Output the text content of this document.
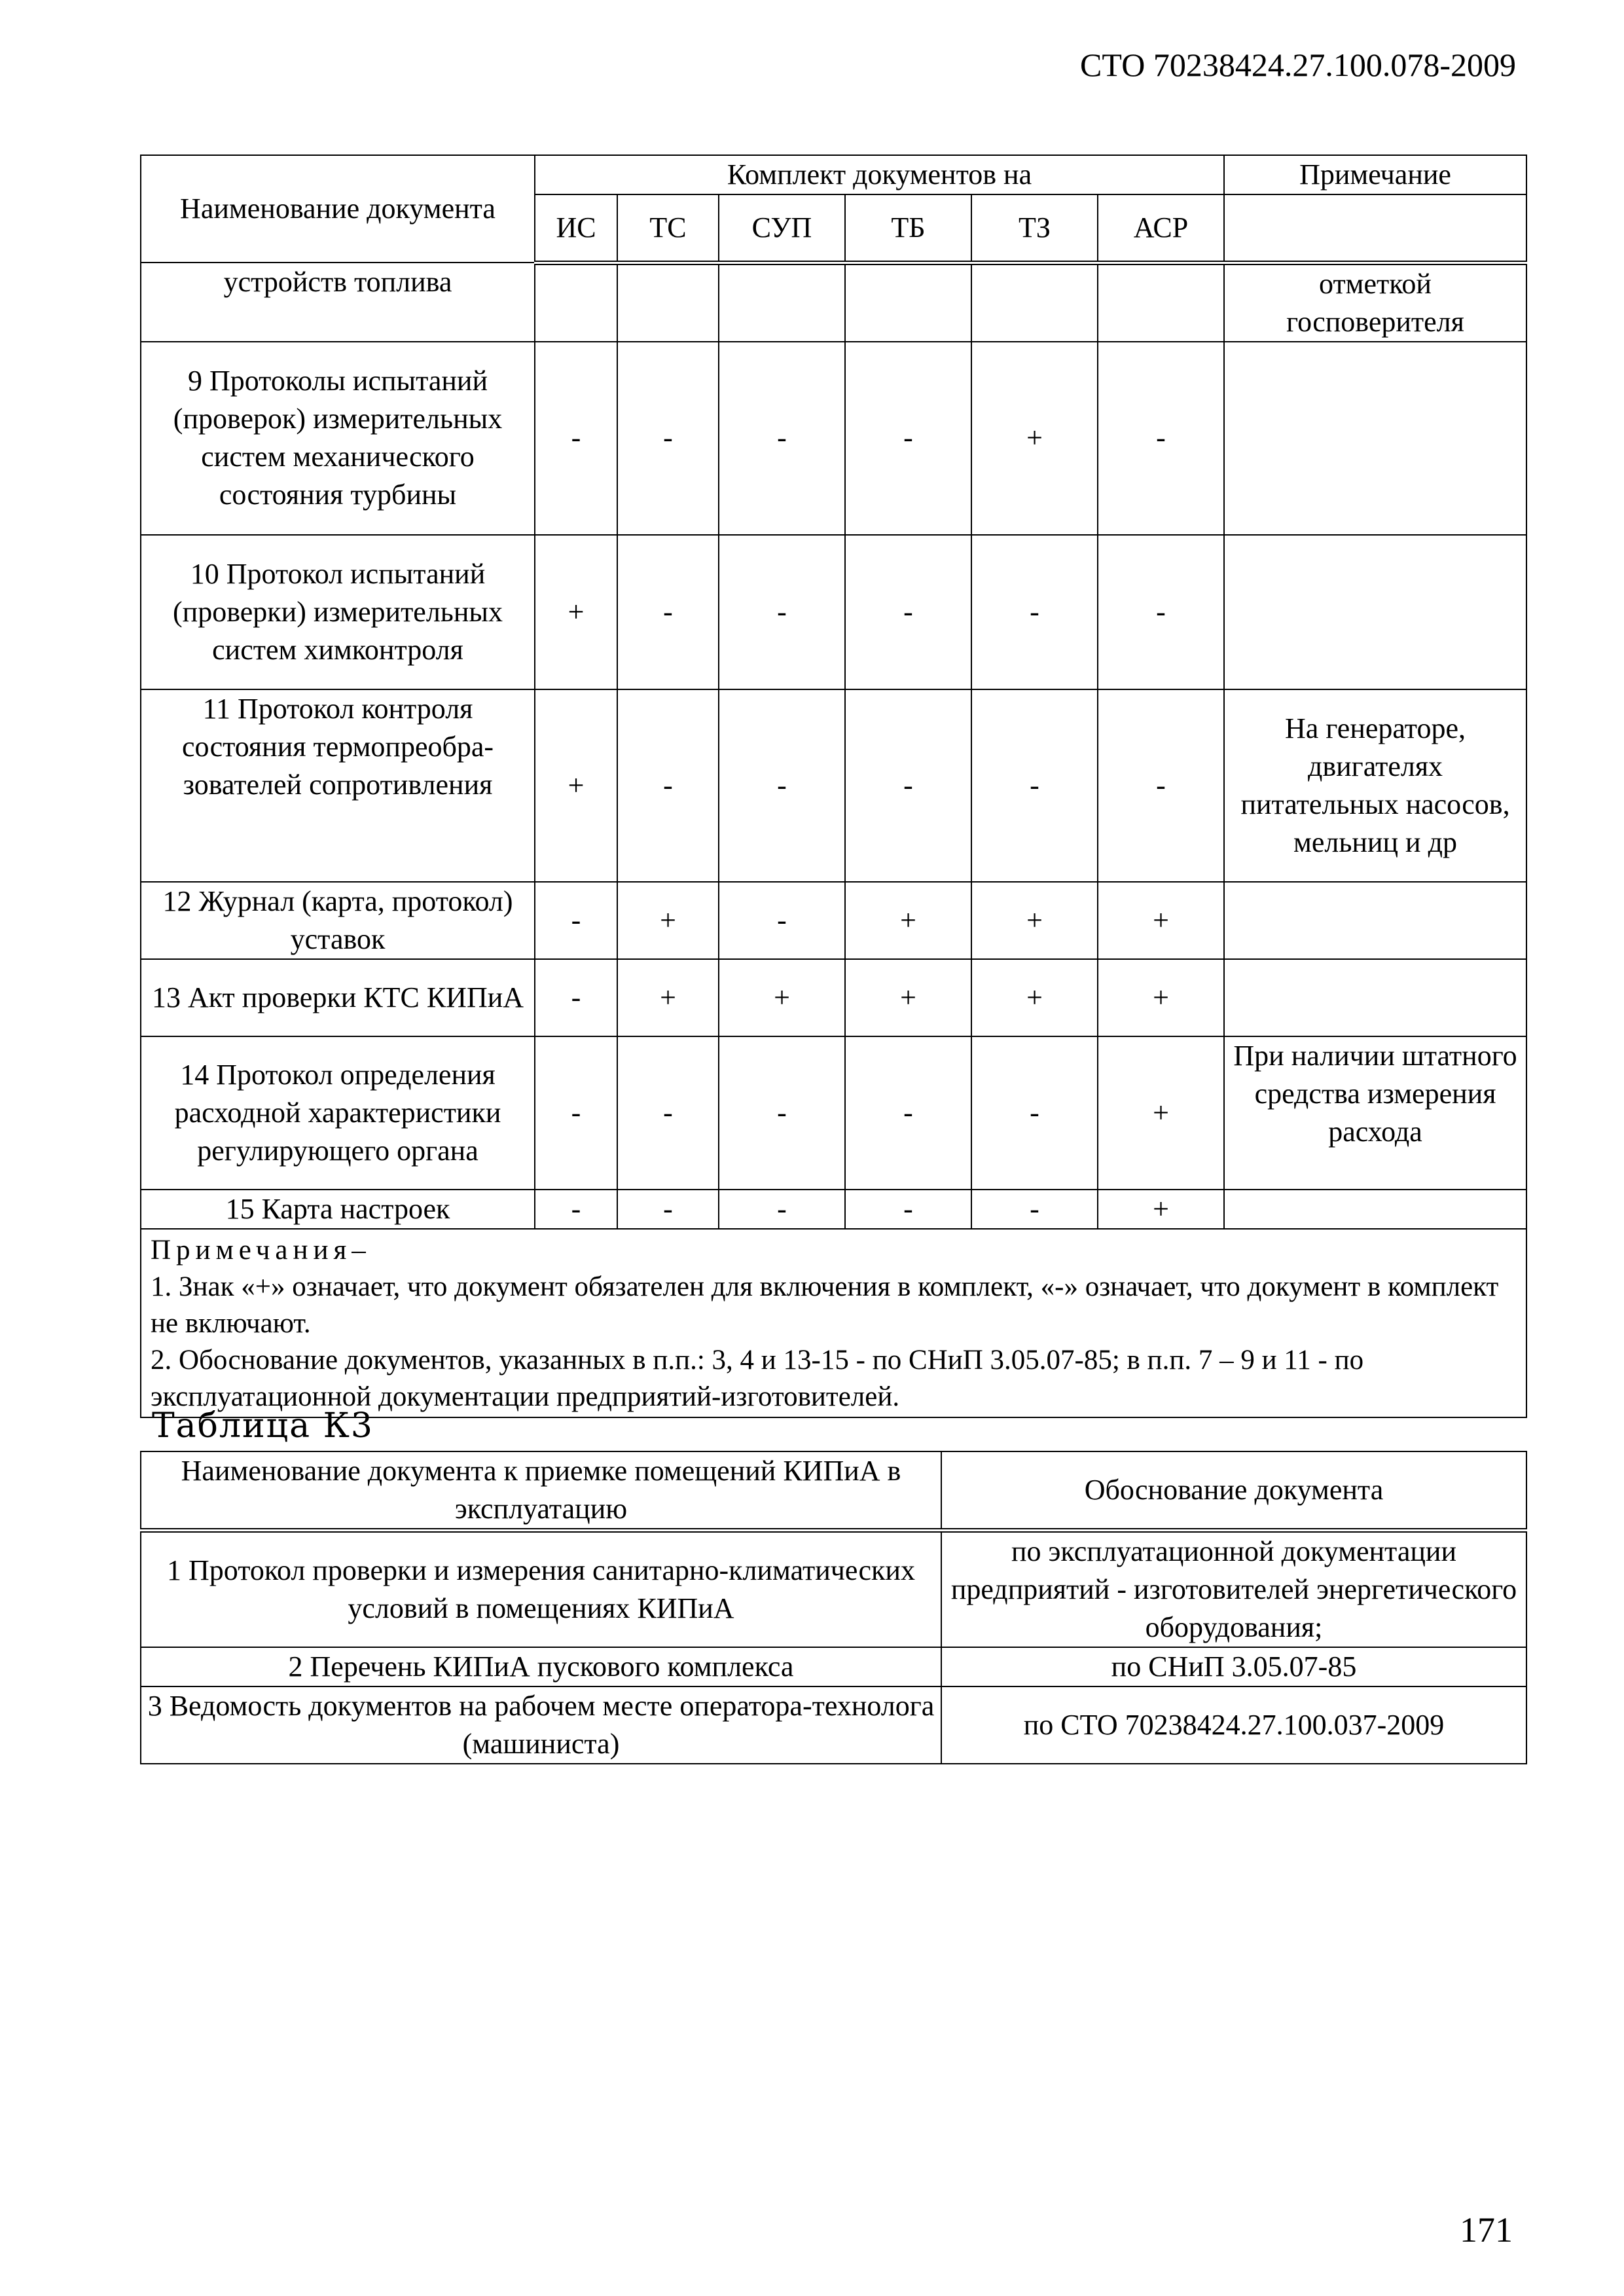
СТО 70238424.27.100.078-2009
Наименование документа	Комплект документов на						Примечание
	ИС	ТС	СУП	ТБ	ТЗ	АСР	
устройств топлива							отметкой госповерителя
9 Протоколы испытаний (проверок) измерительных систем механического состояния турбины	-	-	-	-	+	-	
10 Протокол испытаний (проверки) измерительных систем химконтроля	+	-	-	-	-	-	
11 Протокол контроля состояния термопреобра-зователей сопротивления	+	-	-	-	-	-	На генераторе, двигателях питательных насосов, мельниц и др
12 Журнал (карта, протокол) уставок	-	+	-	+	+	+	
13 Акт проверки КТС КИПиА	-	+	+	+	+	+	
14 Протокол определения расходной характеристики регулирующего органа	-	-	-	-	-	+	При наличии штатного средства измерения расхода
15 Карта настроек	-	-	-	-	-	+	

Примечания–
1. Знак «+» означает, что документ обязателен для включения в комплект, «-» означает, что документ в комплект не включают.
2. Обоснование документов, указанных в п.п.: 3, 4 и 13-15 - по СНиП 3.05.07-85; в п.п. 7 – 9 и 11 - по эксплуатационной документации предприятий-изготовителей.							
Таблица К3
Наименование документа к приемке помещений КИПиА в эксплуатацию	Обоснование документа
1 Протокол проверки и измерения санитарно-климатических условий в помещениях КИПиА	по эксплуатационной документации предприятий - изготовителей энергетического оборудования;
2 Перечень КИПиА пускового комплекса	по СНиП 3.05.07-85
3 Ведомость документов на рабочем месте оператора-технолога (машиниста)	по СТО 70238424.27.100.037-2009
171
